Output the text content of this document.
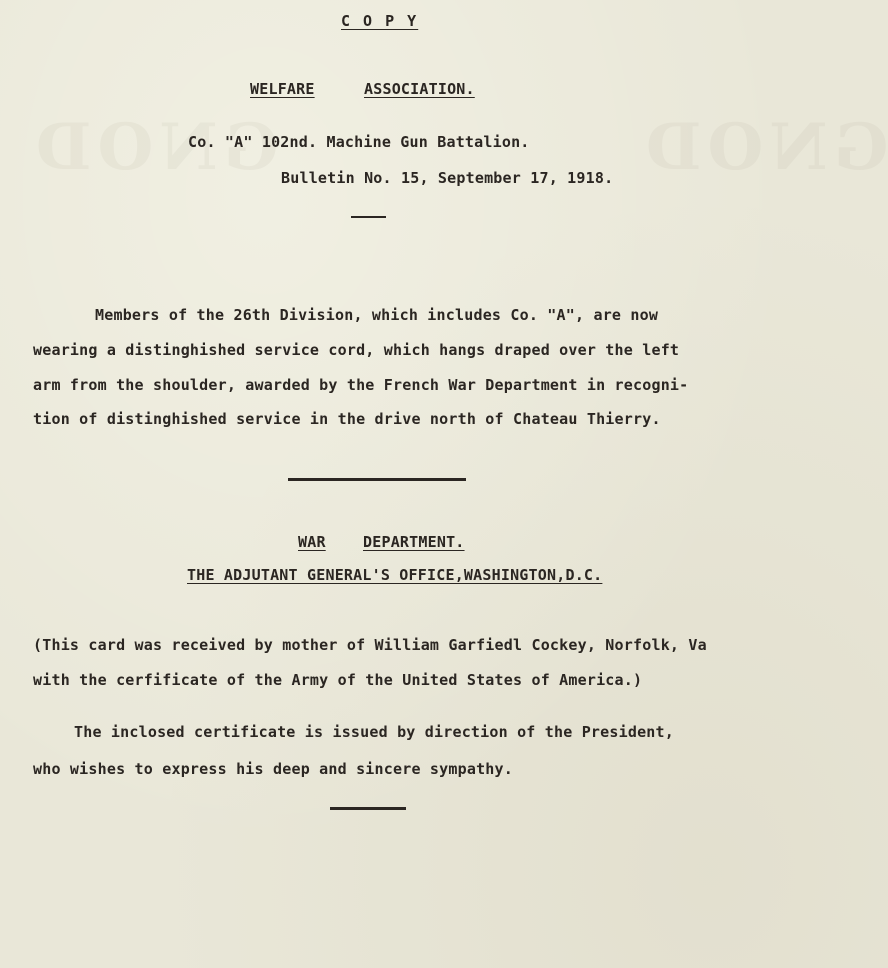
GNOD	GNOD
C O P Y
WELFARE	ASSOCIATION.
Co. "A" 102nd. Machine Gun Battalion.
Bulletin No. 15, September 17, 1918.
Members of the 26th Division, which includes Co. "A", are now
wearing a distinghished service cord, which hangs draped over the left
arm from the shoulder, awarded by the French War Department in recogni-
tion of distinghished service in the drive north of Chateau Thierry.
WAR DEPARTMENT.
THE ADJUTANT GENERAL'S OFFICE,WASHINGTON,D.C.
(This card was received by mother of William Garfiedl Cockey, Norfolk, Va
with the cerfificate of the Army of the United States of America.)
The inclosed certificate is issued by direction of the President,
who wishes to express his deep and sincere sympathy.
